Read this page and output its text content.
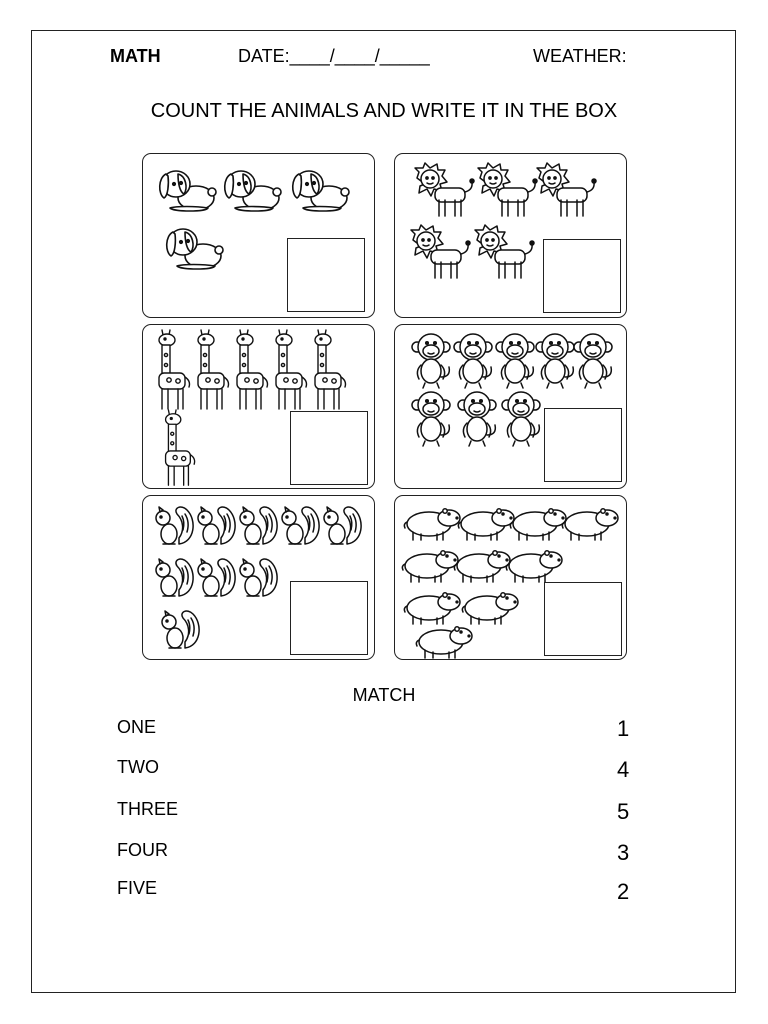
MATH	DATE:____/____/_____	WEATHER:
COUNT THE ANIMALS AND WRITE IT IN THE BOX
MATCH
ONE
TWO
THREE
FOUR
FIVE
1
4
5
3
2
